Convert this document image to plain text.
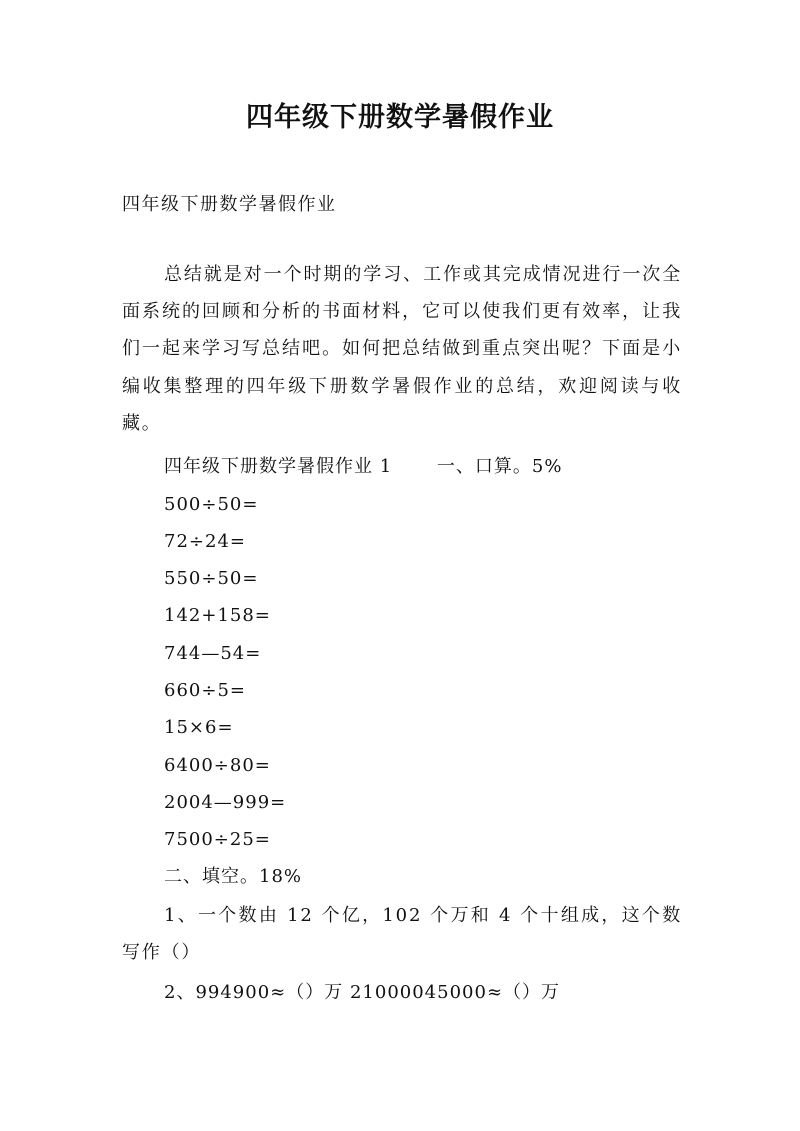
四年级下册数学暑假作业
四年级下册数学暑假作业
总结就是对一个时期的学习、工作或其完成情况进行一次全面系统的回顾和分析的书面材料，它可以使我们更有效率，让我们一起来学习写总结吧。如何把总结做到重点突出呢？下面是小编收集整理的四年级下册数学暑假作业的总结，欢迎阅读与收藏。
四年级下册数学暑假作业 1　　 一、口算。5%
500÷50=
72÷24=
550÷50=
142+158=
744—54=
660÷5=
15×6=
6400÷80=
2004—999=
7500÷25=
二、填空。18%
1、一个数由 12 个亿，102 个万和 4 个十组成，这个数写作（）
2、994900≈（）万 21000045000≈（）万
